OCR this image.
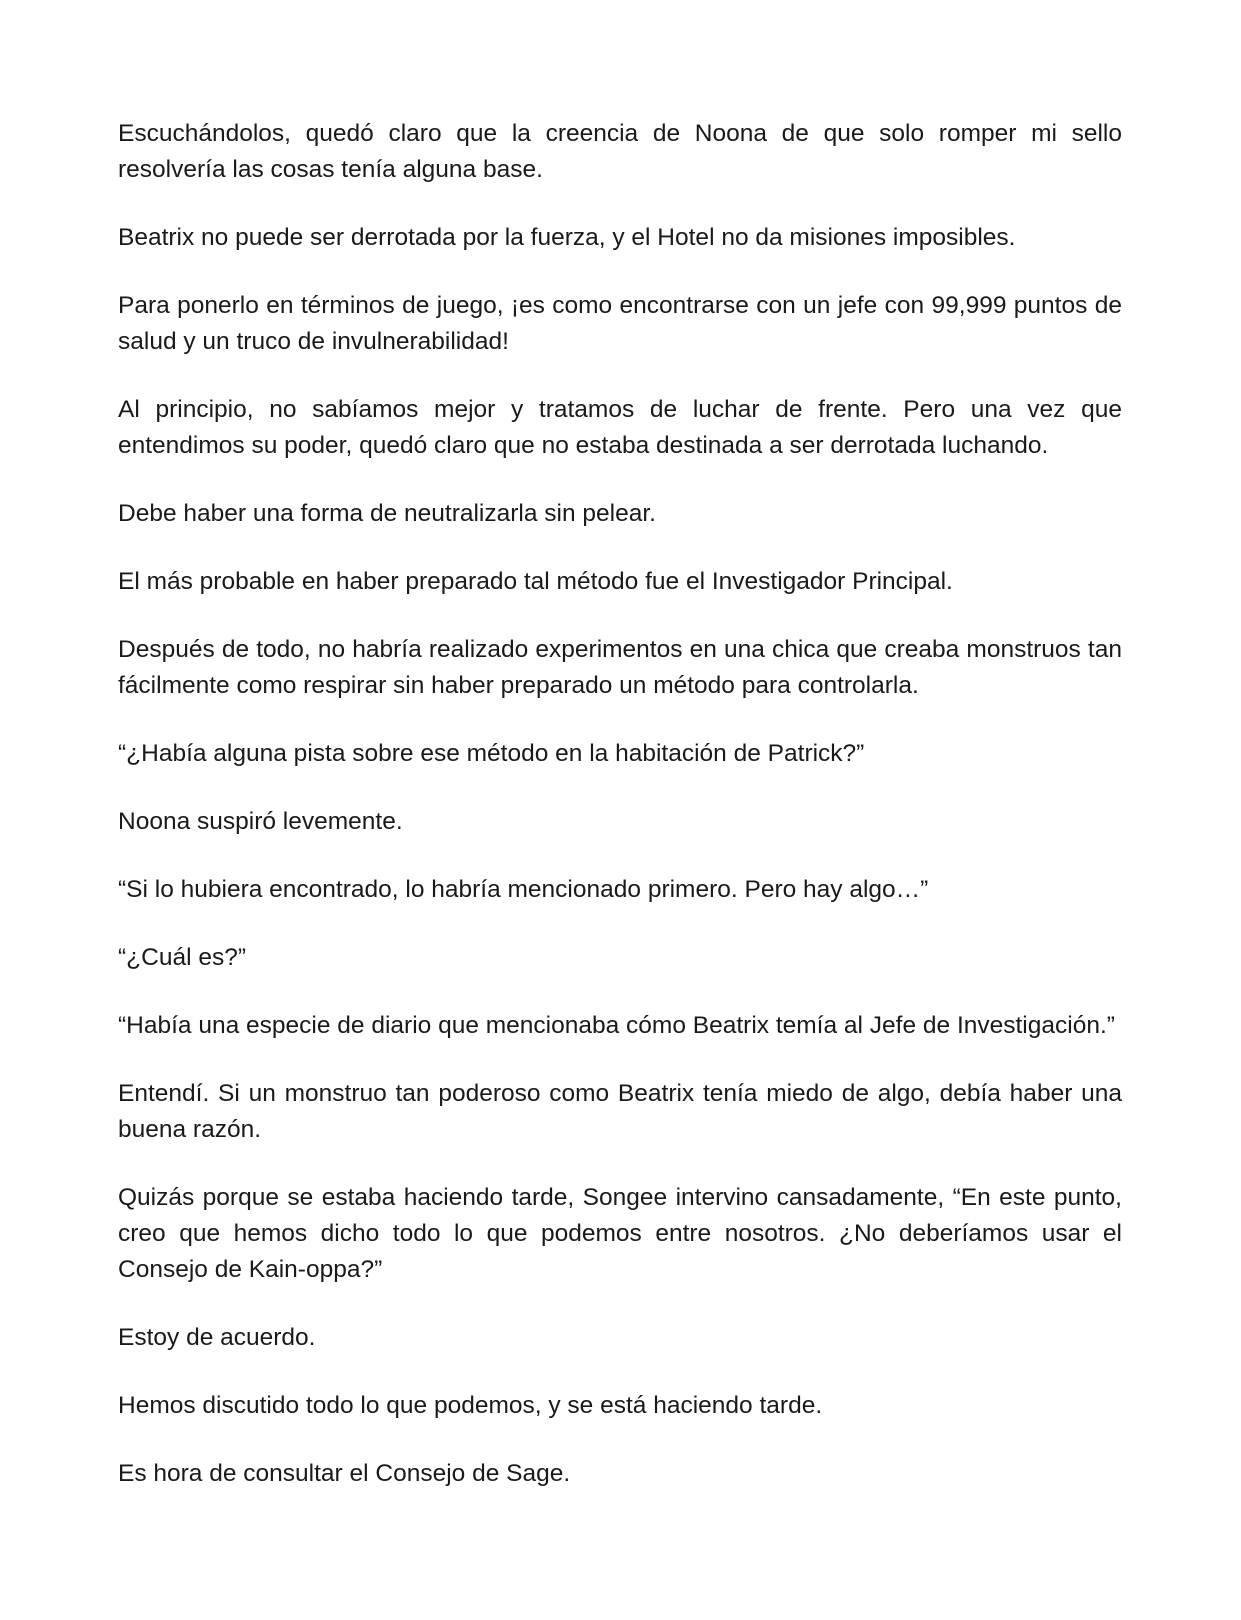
Escuchándolos, quedó claro que la creencia de Noona de que solo romper mi sello resolvería las cosas tenía alguna base.

Beatrix no puede ser derrotada por la fuerza, y el Hotel no da misiones imposibles.

Para ponerlo en términos de juego, ¡es como encontrarse con un jefe con 99,999 puntos de salud y un truco de invulnerabilidad!

Al principio, no sabíamos mejor y tratamos de luchar de frente. Pero una vez que entendimos su poder, quedó claro que no estaba destinada a ser derrotada luchando.

Debe haber una forma de neutralizarla sin pelear.

El más probable en haber preparado tal método fue el Investigador Principal.

Después de todo, no habría realizado experimentos en una chica que creaba monstruos tan fácilmente como respirar sin haber preparado un método para controlarla.

“¿Había alguna pista sobre ese método en la habitación de Patrick?”

Noona suspiró levemente.

“Si lo hubiera encontrado, lo habría mencionado primero. Pero hay algo…”

“¿Cuál es?”

“Había una especie de diario que mencionaba cómo Beatrix temía al Jefe de Investigación.”

Entendí. Si un monstruo tan poderoso como Beatrix tenía miedo de algo, debía haber una buena razón.

Quizás porque se estaba haciendo tarde, Songee intervino cansadamente, “En este punto, creo que hemos dicho todo lo que podemos entre nosotros. ¿No deberíamos usar el Consejo de Kain-oppa?”

Estoy de acuerdo.

Hemos discutido todo lo que podemos, y se está haciendo tarde.

Es hora de consultar el Consejo de Sage.
